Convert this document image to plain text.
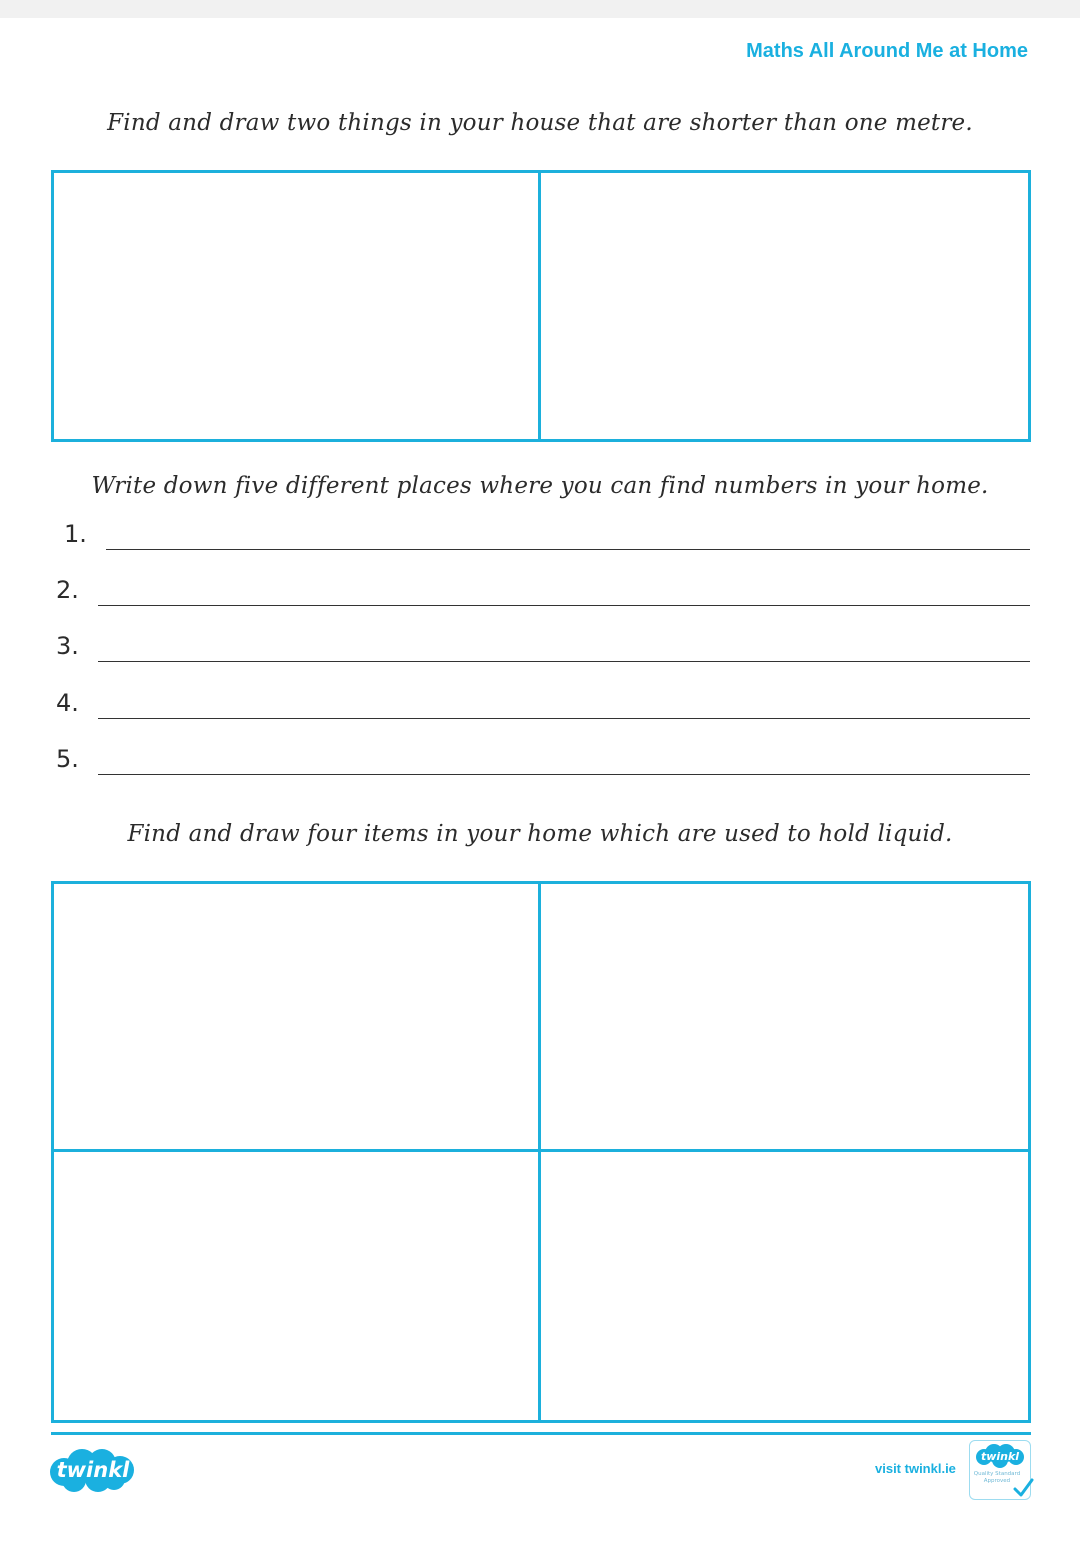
Maths All Around Me at Home
Find and draw two things in your house that are shorter than one metre.
Write down five different places where you can find numbers in your home.
1.
2.
3.
4.
5.
Find and draw four items in your home which are used to hold liquid.
twinkl	visit twinkl.ie
twinkl
Quality Standard Approved
